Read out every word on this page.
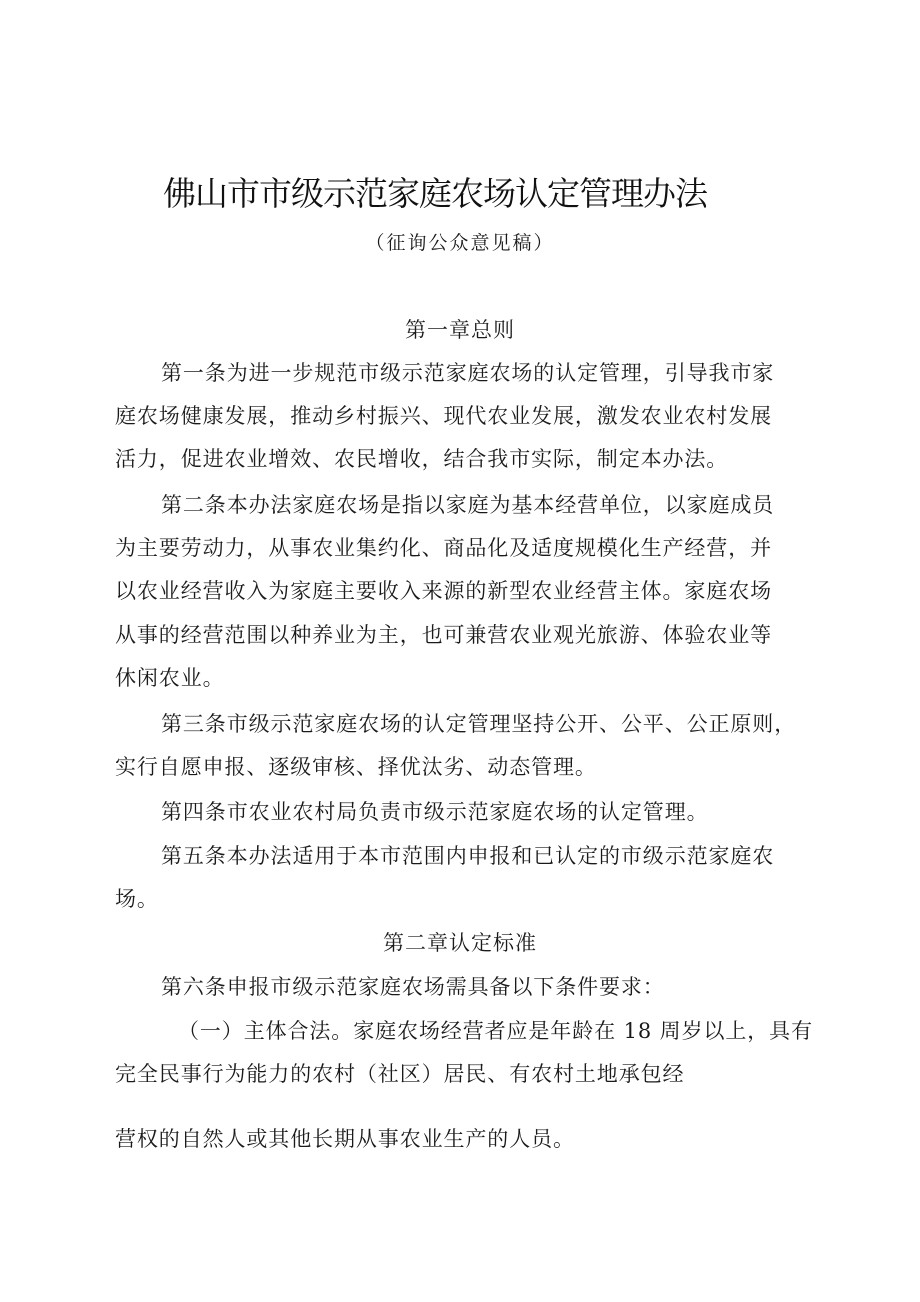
佛山市市级示范家庭农场认定管理办法
（征询公众意见稿）
第一章总则
第一条为进一步规范市级示范家庭农场的认定管理，引导我市家
庭农场健康发展，推动乡村振兴、现代农业发展，激发农业农村发展
活力，促进农业增效、农民增收，结合我市实际，制定本办法。
第二条本办法家庭农场是指以家庭为基本经营单位，以家庭成员
为主要劳动力，从事农业集约化、商品化及适度规模化生产经营，并
以农业经营收入为家庭主要收入来源的新型农业经营主体。家庭农场
从事的经营范围以种养业为主，也可兼营农业观光旅游、体验农业等
休闲农业。
第三条市级示范家庭农场的认定管理坚持公开、公平、公正原则，
实行自愿申报、逐级审核、择优汰劣、动态管理。
第四条市农业农村局负责市级示范家庭农场的认定管理。
第五条本办法适用于本市范围内申报和已认定的市级示范家庭农
场。
第二章认定标准
第六条申报市级示范家庭农场需具备以下条件要求：
（一）主体合法。家庭农场经营者应是年龄在 18 周岁以上，具有
完全民事行为能力的农村（社区）居民、有农村土地承包经
营权的自然人或其他长期从事农业生产的人员。
